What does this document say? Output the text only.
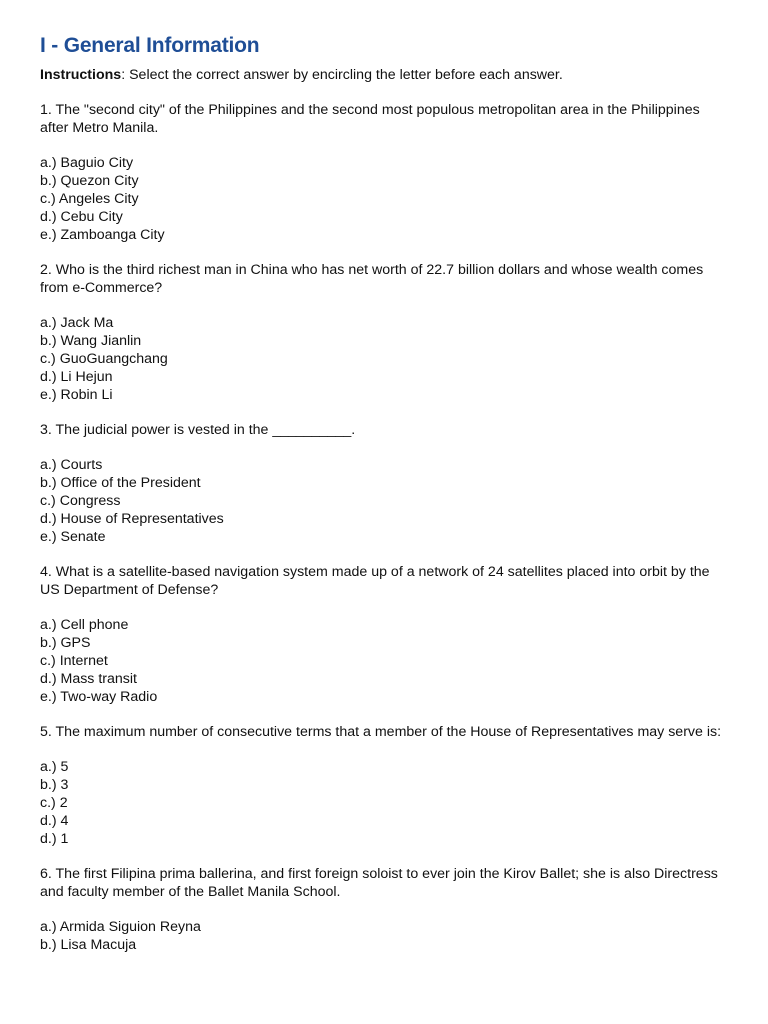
I - General Information

Instructions: Select the correct answer by encircling the letter before each answer.

1. The "second city" of the Philippines and the second most populous metropolitan area in the Philippines after Metro Manila.

a.) Baguio City
b.) Quezon City
c.) Angeles City
d.) Cebu City
e.) Zamboanga City

2. Who is the third richest man in China who has net worth of 22.7 billion dollars and whose wealth comes from e-Commerce?

a.) Jack Ma
b.) Wang Jianlin
c.) GuoGuangchang
d.) Li Hejun
e.) Robin Li

3. The judicial power is vested in the __________.

a.) Courts
b.) Office of the President
c.) Congress
d.) House of Representatives
e.) Senate

4. What is a satellite-based navigation system made up of a network of 24 satellites placed into orbit by the US Department of Defense?

a.) Cell phone
b.) GPS
c.) Internet
d.) Mass transit
e.) Two-way Radio

5. The maximum number of consecutive terms that a member of the House of Representatives may serve is:

a.) 5
b.) 3
c.) 2
d.) 4
d.) 1

6. The first Filipina prima ballerina, and first foreign soloist to ever join the Kirov Ballet; she is also Directress and faculty member of the Ballet Manila School.

a.) Armida Siguion Reyna
b.) Lisa Macuja
